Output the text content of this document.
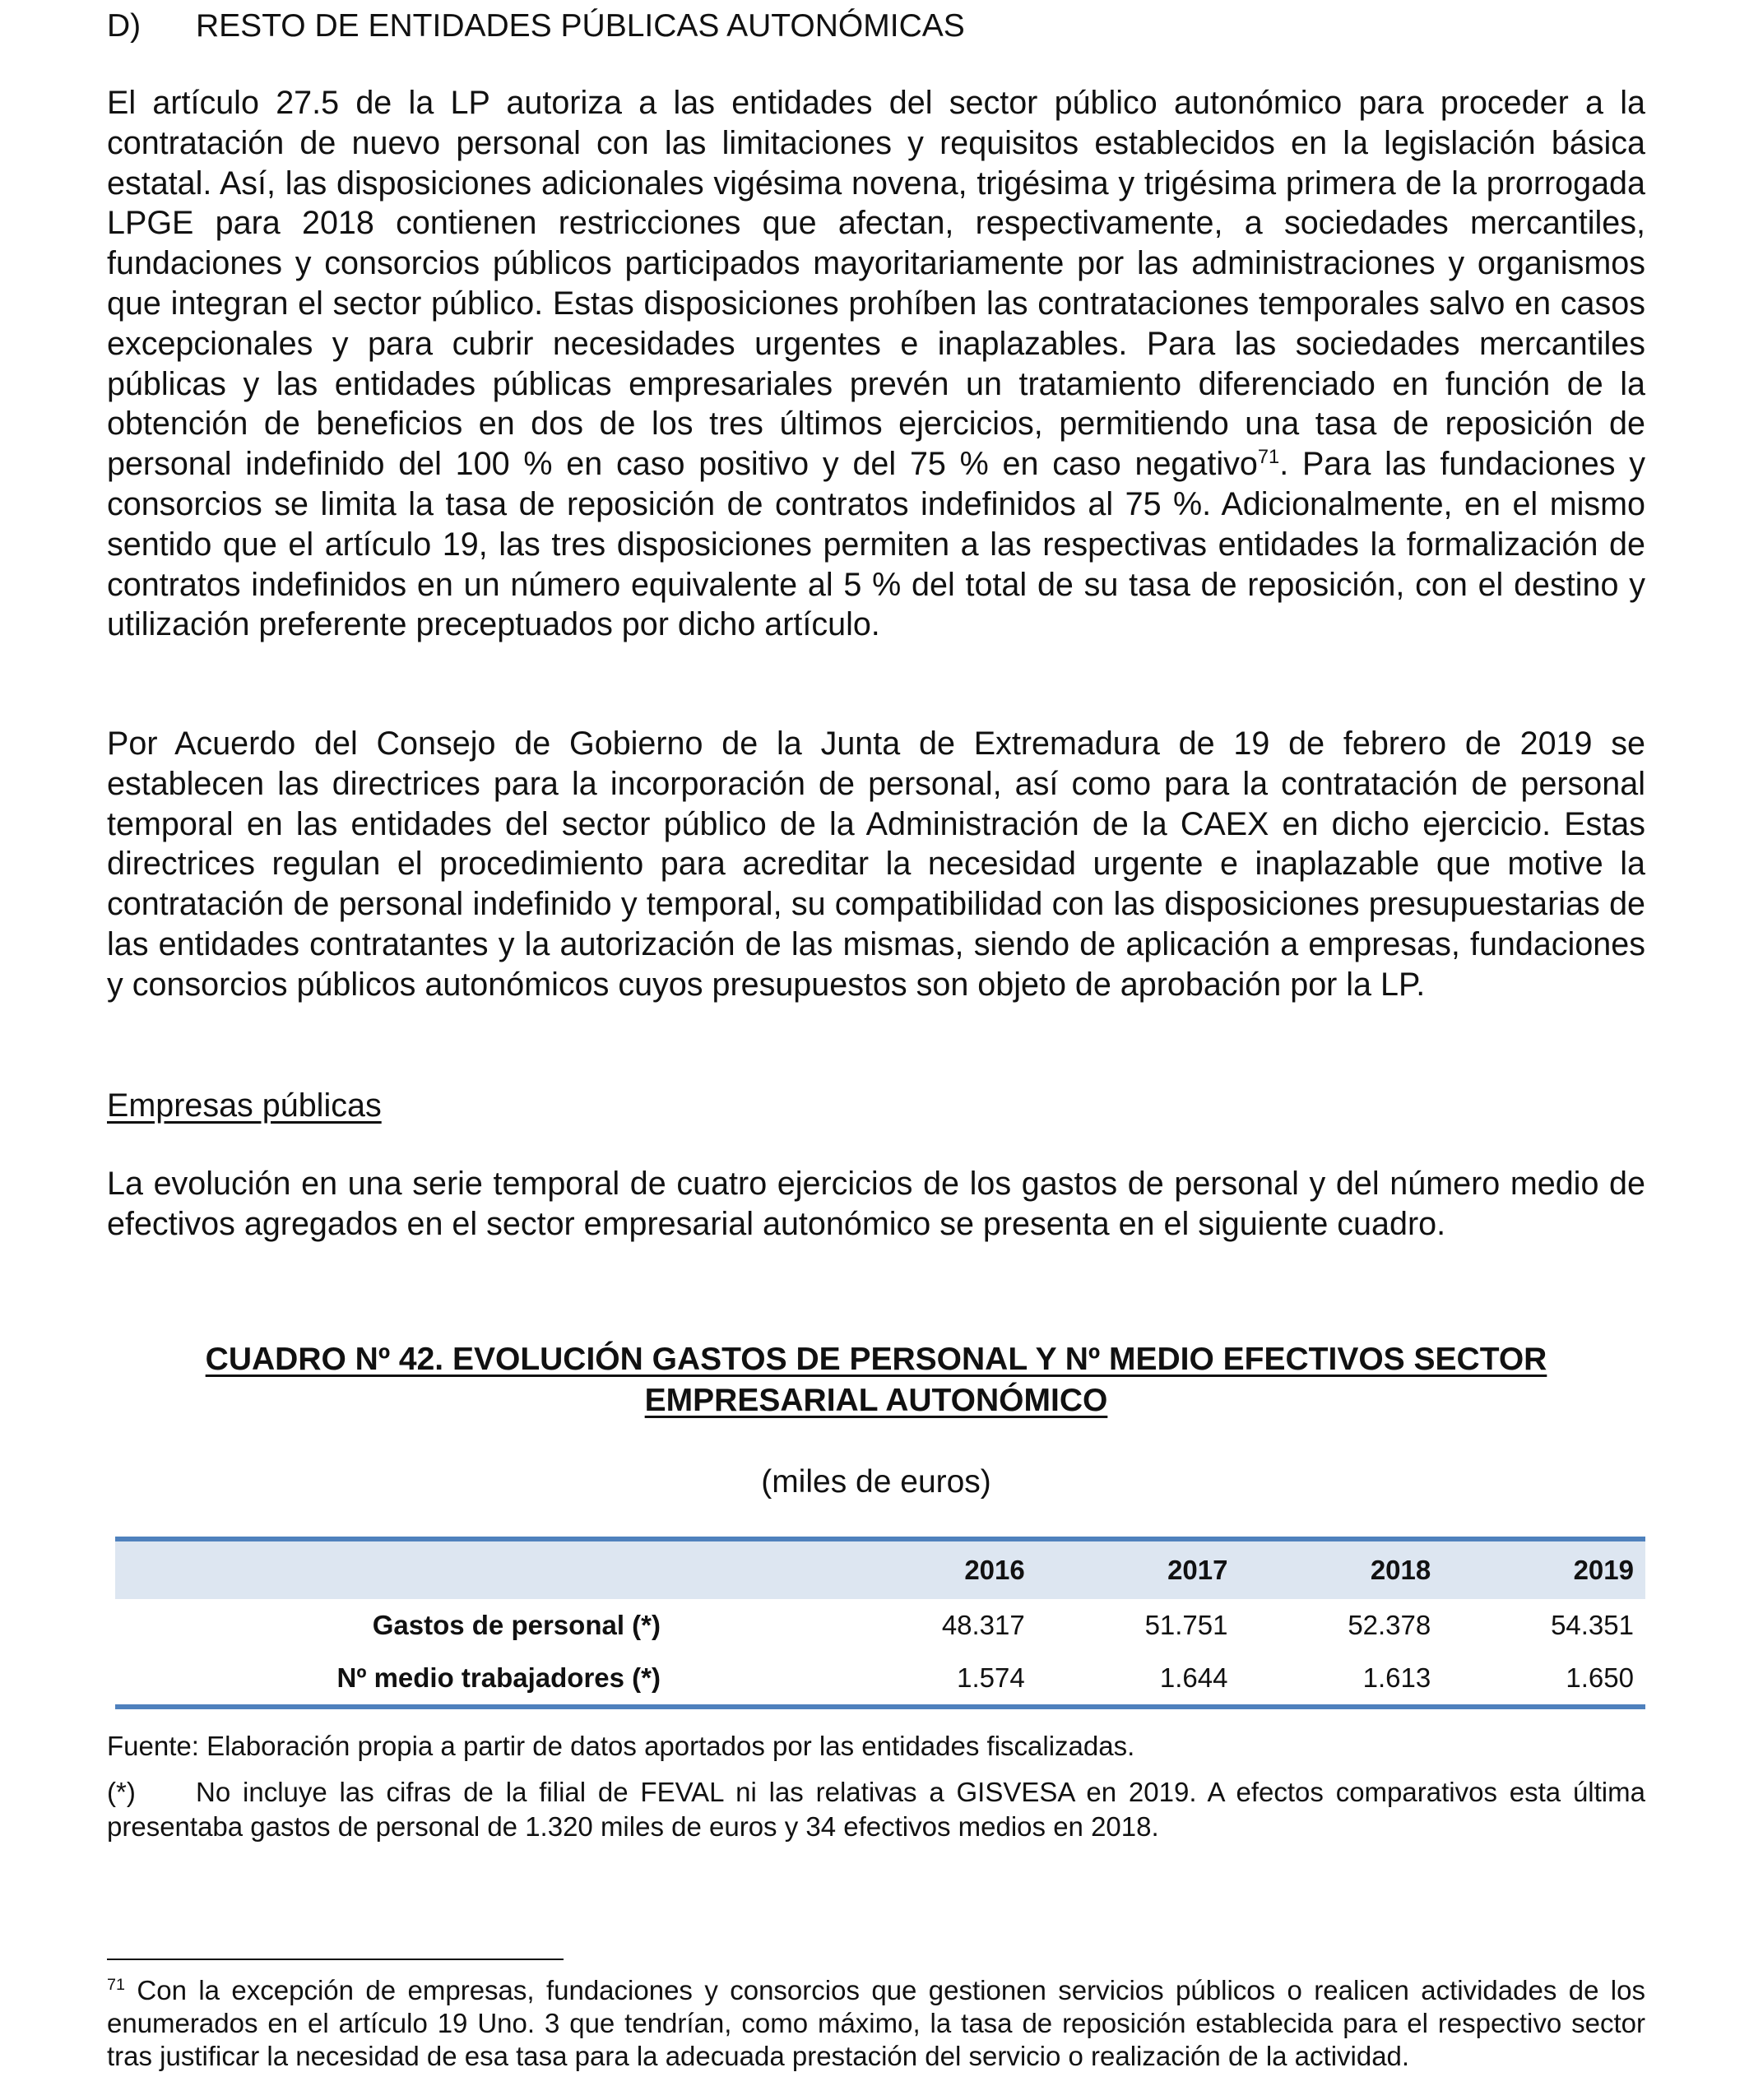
D) RESTO DE ENTIDADES PÚBLICAS AUTONÓMICAS

El artículo 27.5 de la LP autoriza a las entidades del sector público autonómico para proceder a la contratación de nuevo personal con las limitaciones y requisitos establecidos en la legislación básica estatal. Así, las disposiciones adicionales vigésima novena, trigésima y trigésima primera de la prorrogada LPGE para 2018 contienen restricciones que afectan, respectivamente, a sociedades mercantiles, fundaciones y consorcios públicos participados mayoritariamente por las administraciones y organismos que integran el sector público. Estas disposiciones prohíben las contrataciones temporales salvo en casos excepcionales y para cubrir necesidades urgentes e inaplazables. Para las sociedades mercantiles públicas y las entidades públicas empresariales prevén un tratamiento diferenciado en función de la obtención de beneficios en dos de los tres últimos ejercicios, permitiendo una tasa de reposición de personal indefinido del 100 % en caso positivo y del 75 % en caso negativo$^{71}$. Para las fundaciones y consorcios se limita la tasa de reposición de contratos indefinidos al 75 %. Adicionalmente, en el mismo sentido que el artículo 19, las tres disposiciones permiten a las respectivas entidades la formalización de contratos indefinidos en un número equivalente al 5 % del total de su tasa de reposición, con el destino y utilización preferente preceptuados por dicho artículo.

Por Acuerdo del Consejo de Gobierno de la Junta de Extremadura de 19 de febrero de 2019 se establecen las directrices para la incorporación de personal, así como para la contratación de personal temporal en las entidades del sector público de la Administración de la CAEX en dicho ejercicio. Estas directrices regulan el procedimiento para acreditar la necesidad urgente e inaplazable que motive la contratación de personal indefinido y temporal, su compatibilidad con las disposiciones presupuestarias de las entidades contratantes y la autorización de las mismas, siendo de aplicación a empresas, fundaciones y consorcios públicos autonómicos cuyos presupuestos son objeto de aprobación por la LP.

Empresas públicas

La evolución en una serie temporal de cuatro ejercicios de los gastos de personal y del número medio de efectivos agregados en el sector empresarial autonómico se presenta en el siguiente cuadro.

CUADRO Nº 42. EVOLUCIÓN GASTOS DE PERSONAL Y Nº MEDIO EFECTIVOS SECTOR
EMPRESARIAL AUTONÓMICO

(miles de euros)
	2016	2017	2018	2019
Gastos de personal (*)	48.317	51.751	52.378	54.351
Nº medio trabajadores (*)	1.574	1.644	1.613	1.650
Fuente: Elaboración propia a partir de datos aportados por las entidades fiscalizadas.

(*) No incluye las cifras de la filial de FEVAL ni las relativas a GISVESA en 2019. A efectos comparativos esta última presentaba gastos de personal de 1.320 miles de euros y 34 efectivos medios en 2018.

$^{71}$ Con la excepción de empresas, fundaciones y consorcios que gestionen servicios públicos o realicen actividades de los enumerados en el artículo 19 Uno. 3 que tendrían, como máximo, la tasa de reposición establecida para el respectivo sector tras justificar la necesidad de esa tasa para la adecuada prestación del servicio o realización de la actividad.
